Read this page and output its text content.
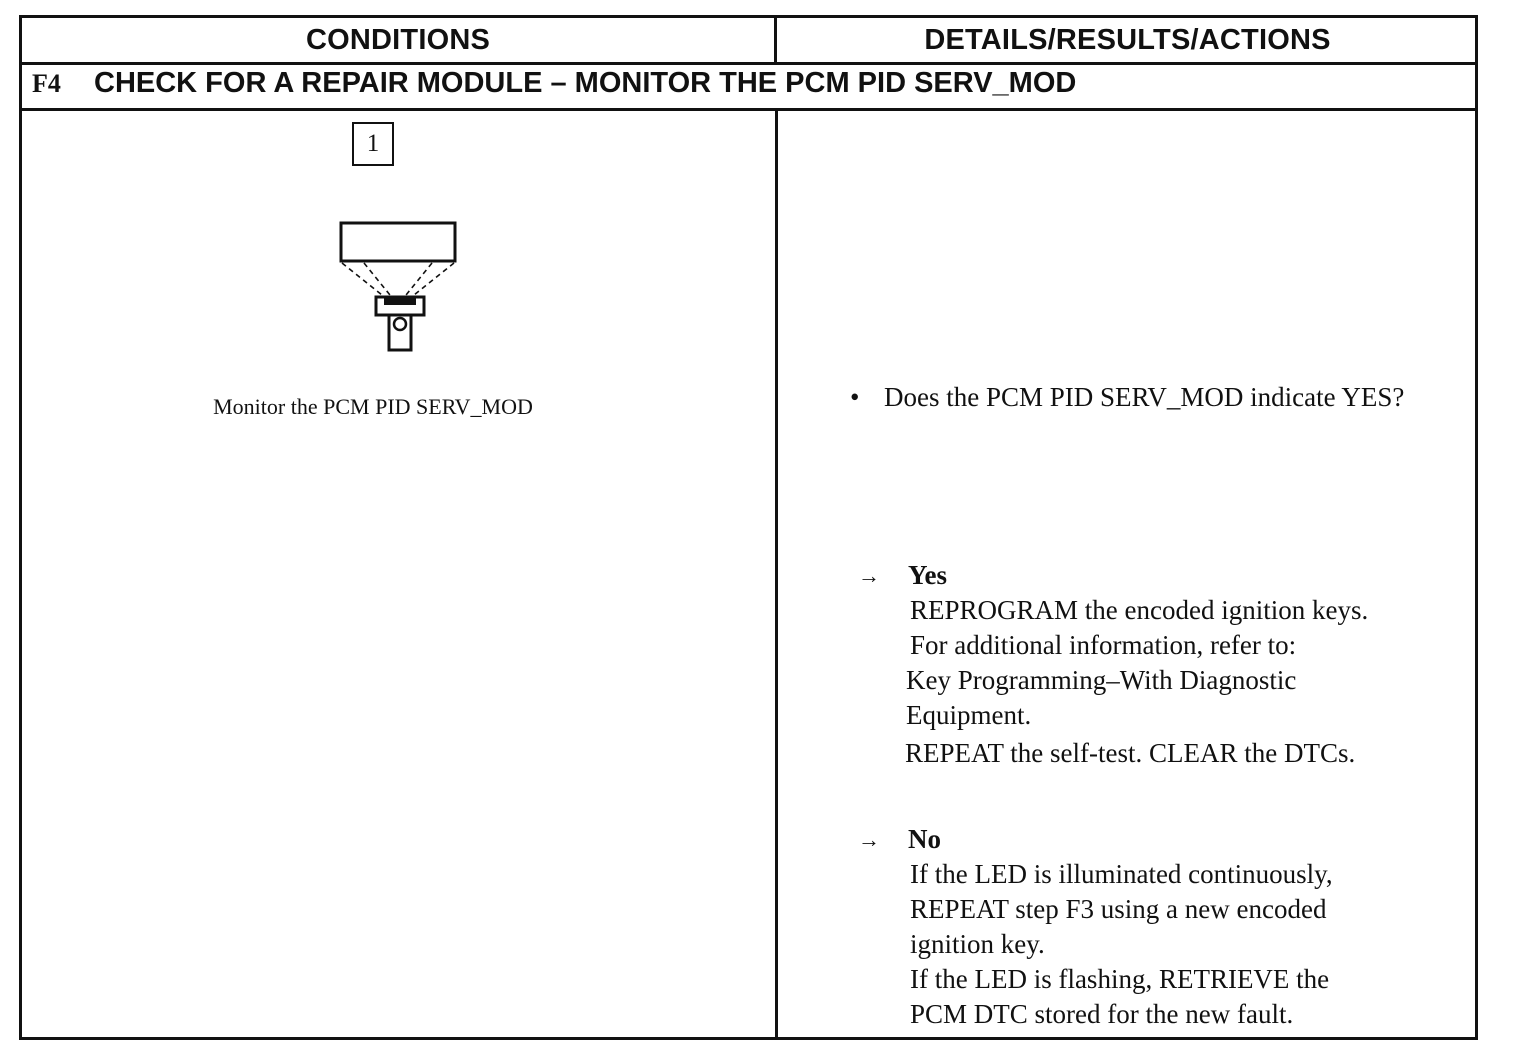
CONDITIONS	DETAILS/RESULTS/ACTIONS
F4 CHECK FOR A REPAIR MODULE – MONITOR THE PCM PID SERV_MOD
1
Monitor the PCM PID SERV_MOD	• Does the PCM PID SERV_MOD indicate YES?
→ Yes
REPROGRAM the encoded ignition keys.
For additional information, refer to:
Key Programming–With Diagnostic
Equipment.
REPEAT the self-test. CLEAR the DTCs.
→ No
If the LED is illuminated continuously,
REPEAT step F3 using a new encoded
ignition key.
If the LED is flashing, RETRIEVE the
PCM DTC stored for the new fault.
